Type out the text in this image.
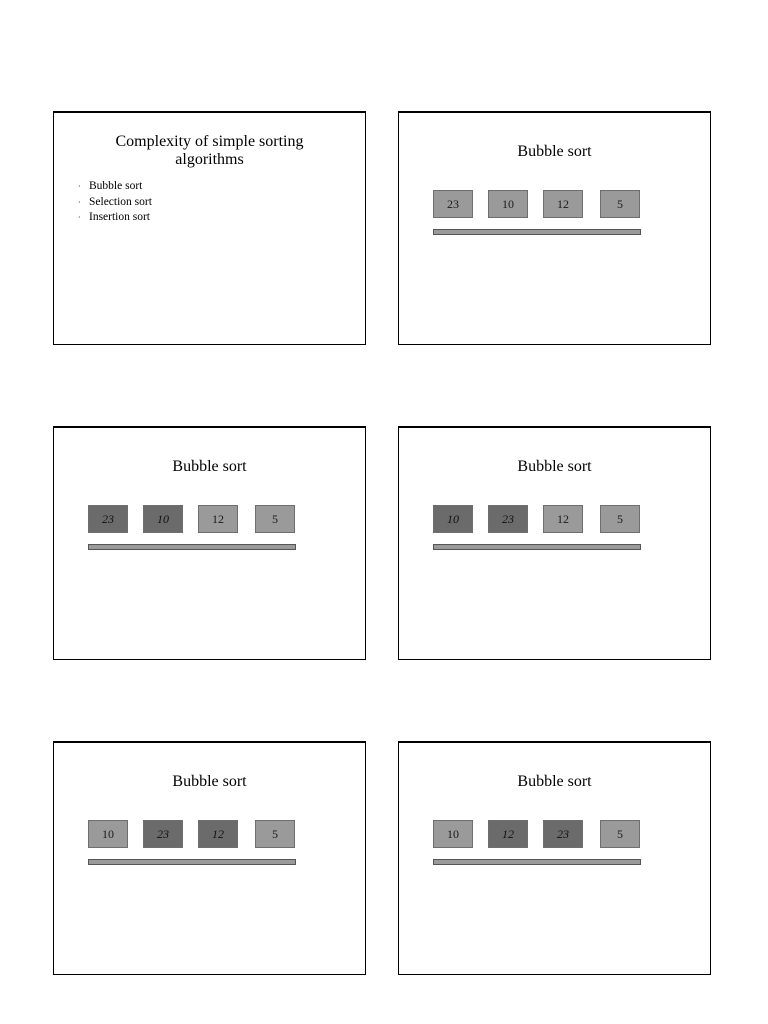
Complexity of simple sorting algorithms
· Bubble sort
· Selection sort
· Insertion sort
Bubble sort
23	10	12	5
Bubble sort
23	10	12	5
Bubble sort
10	23	12	5
Bubble sort
10	23	12	5
Bubble sort
10	12	23	5
